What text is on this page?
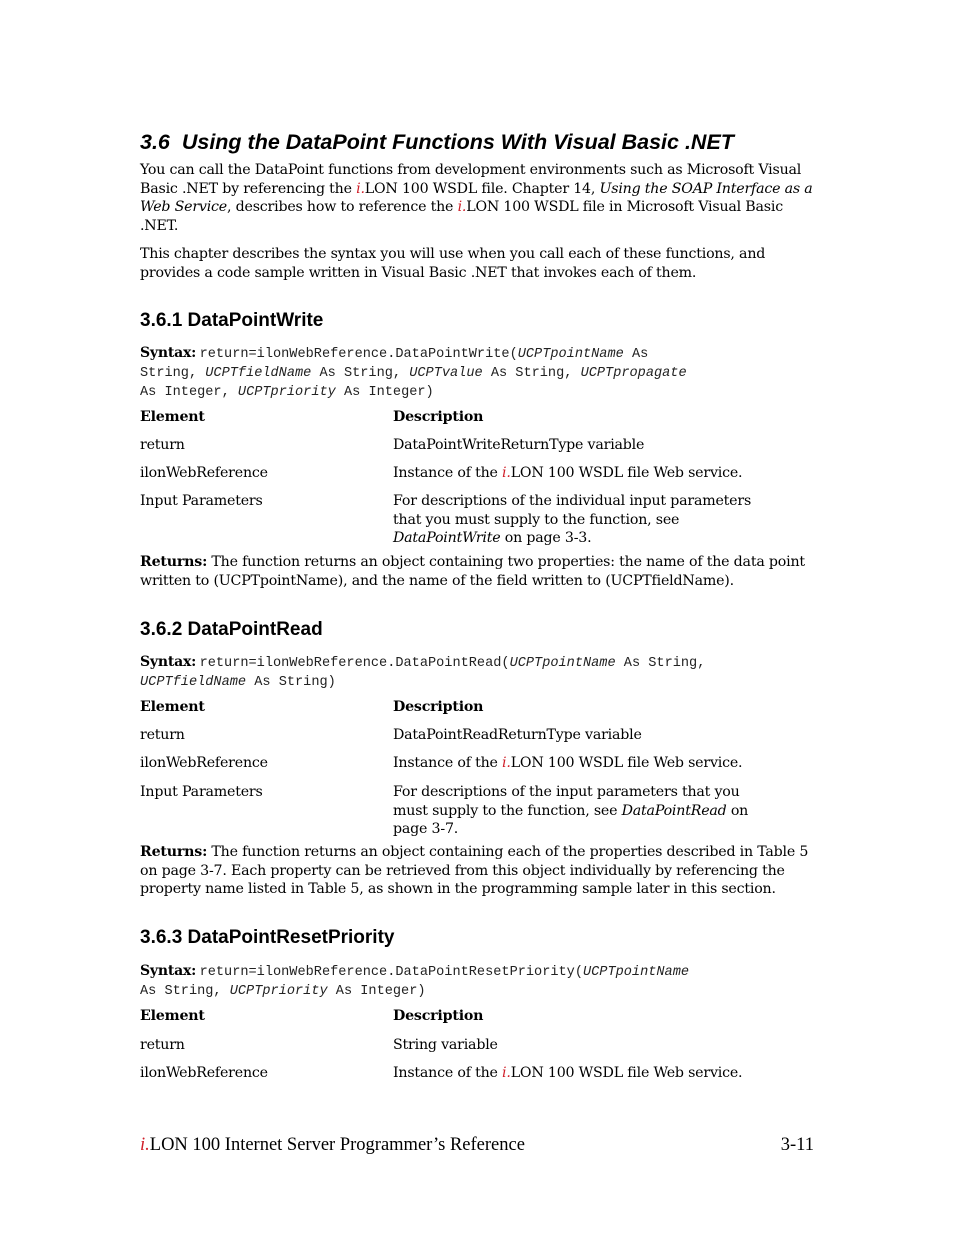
3.6 Using the DataPoint Functions With Visual Basic .NET
You can call the DataPoint functions from development environments such as Microsoft Visual Basic .NET by referencing the i.LON 100 WSDL file. Chapter 14, Using the SOAP Interface as a Web Service, describes how to reference the i.LON 100 WSDL file in Microsoft Visual Basic .NET.
This chapter describes the syntax you will use when you call each of these functions, and provides a code sample written in Visual Basic .NET that invokes each of them.
3.6.1 DataPointWrite
Syntax: return=ilonWebReference.DataPointWrite(UCPTpointName As
String, UCPTfieldName As String, UCPTvalue As String, UCPTpropagate
As Integer, UCPTpriority As Integer)
Element	Description
return	DataPointWriteReturnType variable
ilonWebReference	Instance of the i.LON 100 WSDL file Web service.
Input Parameters	For descriptions of the individual input parameters that you must supply to the function, see DataPointWrite on page 3-3.
Returns: The function returns an object containing two properties: the name of the data point written to (UCPTpointName), and the name of the field written to (UCPTfieldName).
3.6.2 DataPointRead
Syntax: return=ilonWebReference.DataPointRead(UCPTpointName As String,
UCPTfieldName As String)
Element	Description
return	DataPointReadReturnType variable
ilonWebReference	Instance of the i.LON 100 WSDL file Web service.
Input Parameters	For descriptions of the input parameters that you must supply to the function, see DataPointRead on page 3-7.
Returns: The function returns an object containing each of the properties described in Table 5 on page 3-7. Each property can be retrieved from this object individually by referencing the property name listed in Table 5, as shown in the programming sample later in this section.
3.6.3 DataPointResetPriority
Syntax: return=ilonWebReference.DataPointResetPriority(UCPTpointName
As String, UCPTpriority As Integer)
Element	Description
return	String variable
ilonWebReference	Instance of the i.LON 100 WSDL file Web service.
i.LON 100 Internet Server Programmer’s Reference	3-11
